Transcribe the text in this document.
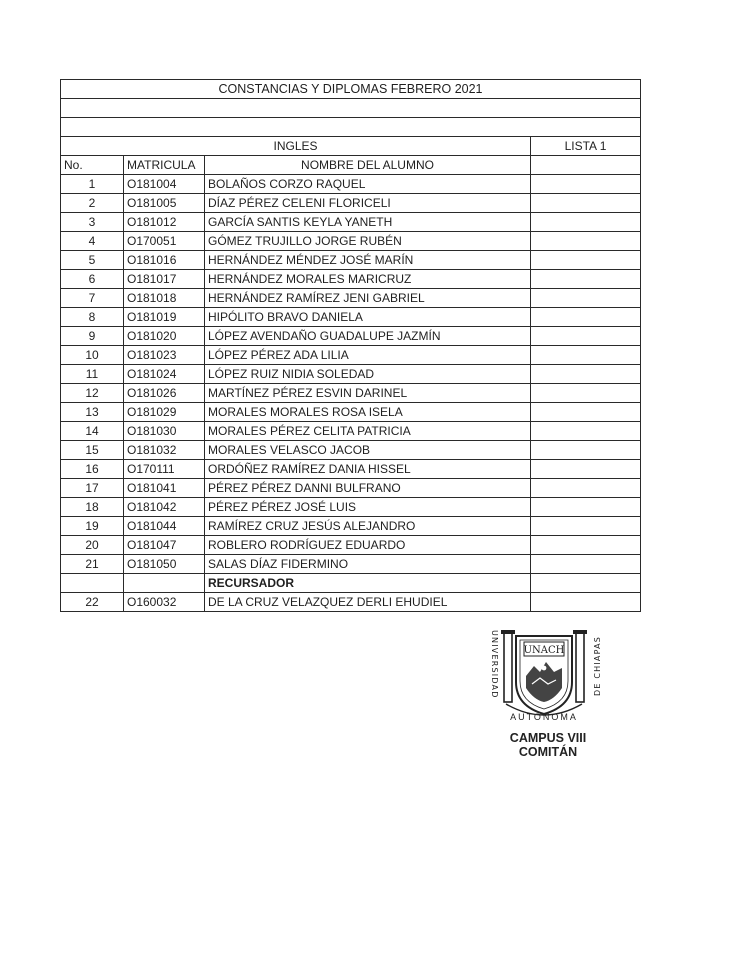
CONSTANCIAS Y DIPLOMAS FEBRERO 2021			

INGLES			LISTA 1
No.	MATRICULA	NOMBRE DEL ALUMNO	
1	O181004	BOLAÑOS CORZO RAQUEL	
2	O181005	DÍAZ PÉREZ CELENI FLORICELI	
3	O181012	GARCÍA SANTIS KEYLA YANETH	
4	O170051	GÓMEZ TRUJILLO JORGE RUBÉN	
5	O181016	HERNÁNDEZ MÉNDEZ JOSÉ MARÍN	
6	O181017	HERNÁNDEZ MORALES MARICRUZ	
7	O181018	HERNÁNDEZ RAMÍREZ JENI GABRIEL	
8	O181019	HIPÓLITO BRAVO DANIELA	
9	O181020	LÓPEZ AVENDAÑO GUADALUPE JAZMÍN	
10	O181023	LÓPEZ PÉREZ ADA LILIA	
11	O181024	LÓPEZ RUIZ NIDIA SOLEDAD	
12	O181026	MARTÍNEZ PÉREZ ESVIN DARINEL	
13	O181029	MORALES MORALES ROSA ISELA	
14	O181030	MORALES PÉREZ CELITA PATRICIA	
15	O181032	MORALES VELASCO JACOB	
16	O170111	ORDÓÑEZ RAMÍREZ DANIA HISSEL	
17	O181041	PÉREZ PÉREZ DANNI BULFRANO	
18	O181042	PÉREZ PÉREZ JOSÉ LUIS	
19	O181044	RAMÍREZ CRUZ JESÚS ALEJANDRO	
20	O181047	ROBLERO RODRÍGUEZ EDUARDO	
21	O181050	SALAS DÍAZ FIDERMINO	
		RECURSADOR	
22	O160032	DE LA CRUZ VELAZQUEZ DERLI EHUDIEL	
UNIVERSIDAD	DE CHIAPAS
UNACH
AUTONOMA
CAMPUS VIII
COMITÁN
